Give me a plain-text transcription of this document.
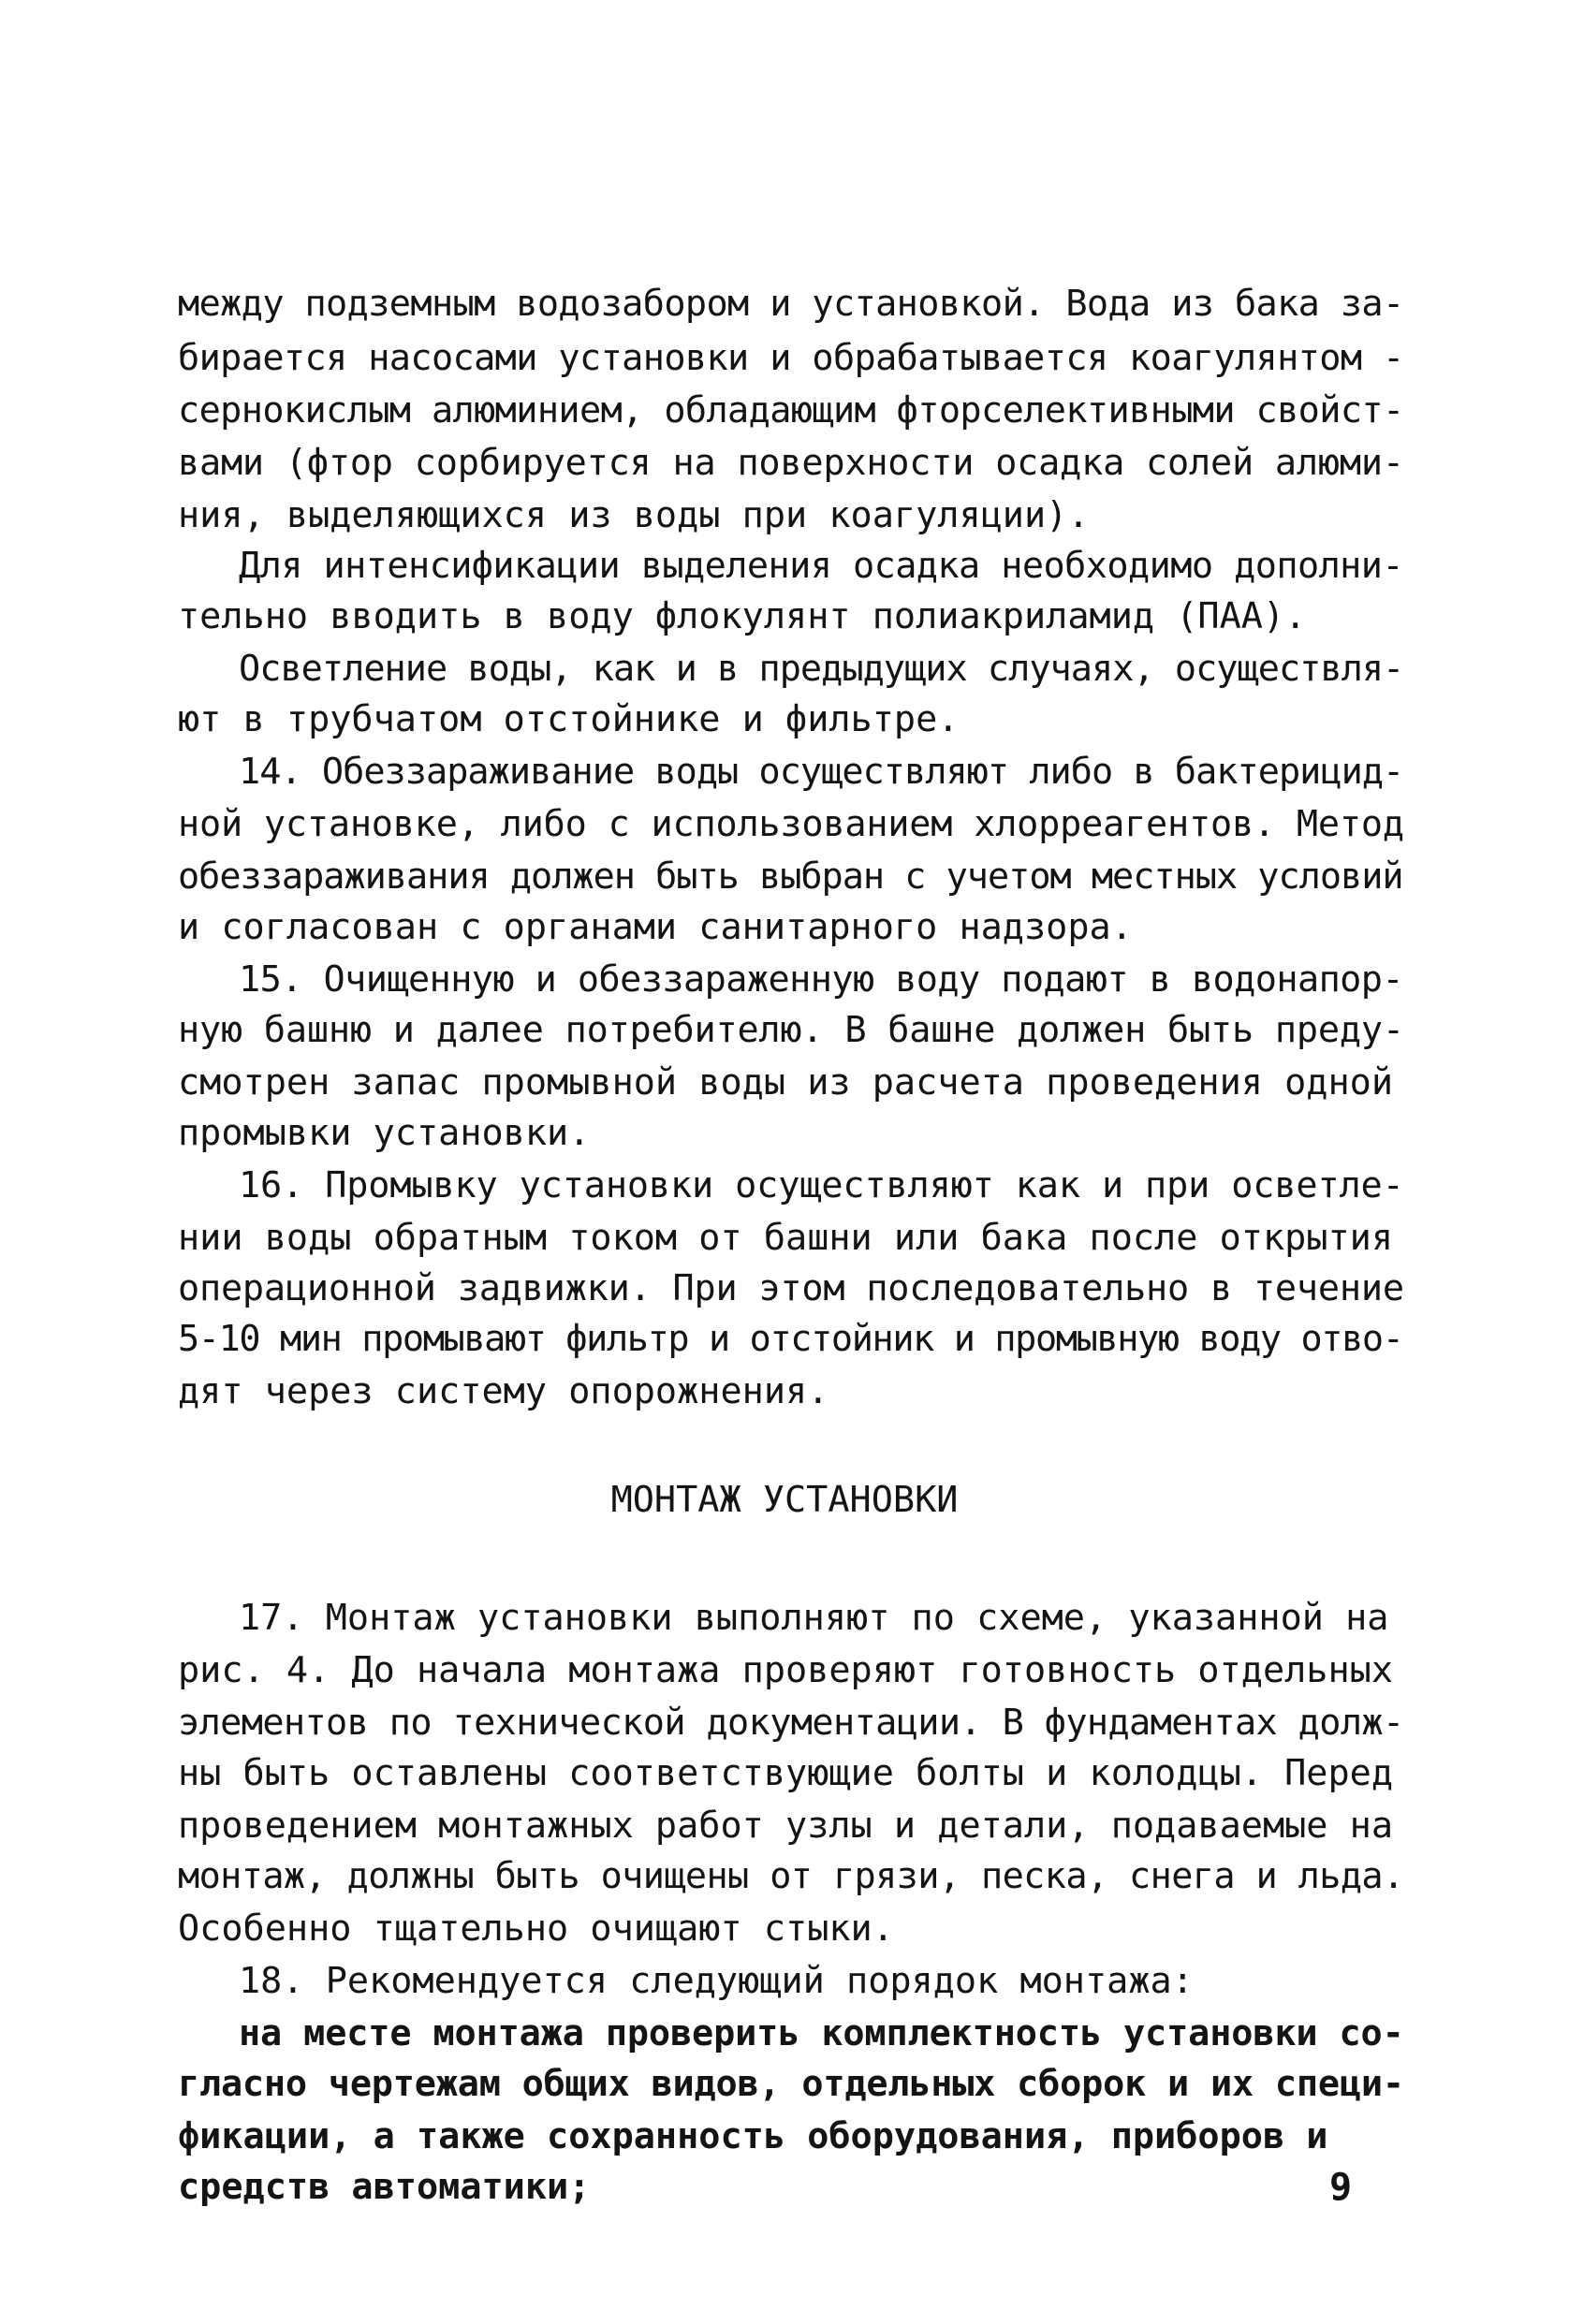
между подземным водозабором и установкой. Вода из бака за-
бирается насосами установки и обрабатывается коагулянтом -
сернокислым алюминием, обладающим фторселективными свойст-
вами (фтор сорбируется на поверхности осадка солей алюми-
ния, выделяющихся из воды при коагуляции).
Для интенсификации выделения осадка необходимо дополни-
тельно вводить в воду флокулянт полиакриламид (ПАА).
Осветление воды, как и в предыдущих случаях, осуществля-
ют в трубчатом отстойнике и фильтре.
14. Обеззараживание воды осуществляют либо в бактерицид-
ной установке, либо с использованием хлорреагентов. Метод
обеззараживания должен быть выбран с учетом местных условий
и согласован с органами санитарного надзора.
15. Очищенную и обеззараженную воду подают в водонапор-
ную башню и далее потребителю. В башне должен быть преду-
смотрен запас промывной воды из расчета проведения одной
промывки установки.
16. Промывку установки осуществляют как и при осветле-
нии воды обратным током от башни или бака после открытия
операционной задвижки. При этом последовательно в течение
5-10 мин промывают фильтр и отстойник и промывную воду отво-
дят через систему опорожнения.
МОНТАЖ УСТАНОВКИ
17. Монтаж установки выполняют по схеме, указанной на
рис. 4. До начала монтажа проверяют готовность отдельных
элементов по технической документации. В фундаментах долж-
ны быть оставлены соответствующие болты и колодцы. Перед
проведением монтажных работ узлы и детали, подаваемые на
монтаж, должны быть очищены от грязи, песка, снега и льда.
Особенно тщательно очищают стыки.
18. Рекомендуется следующий порядок монтажа:
на месте монтажа проверить комплектность установки со-
гласно чертежам общих видов, отдельных сборок и их специ-
фикации, а также сохранность оборудования, приборов и
средств автоматики;	9
